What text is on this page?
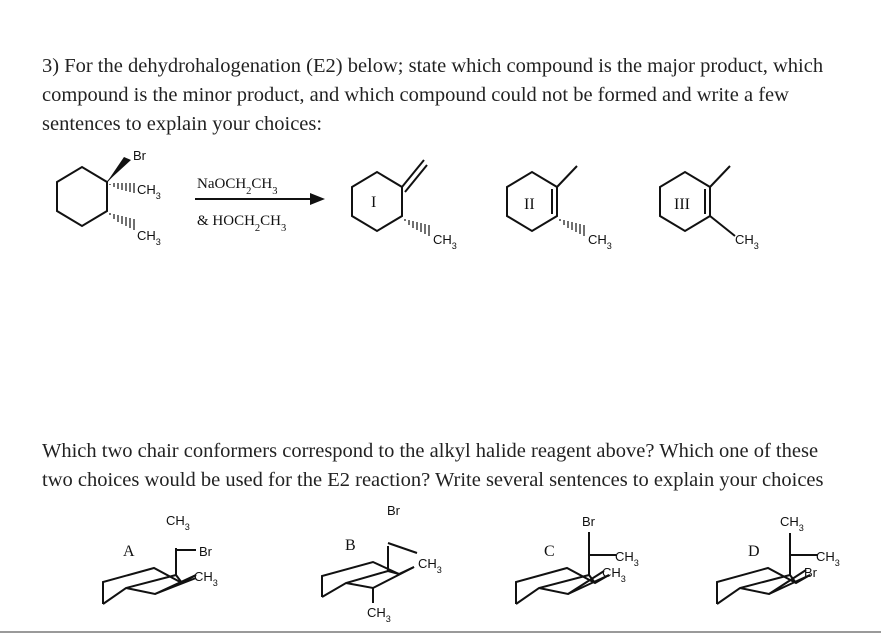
3) For the dehydrohalogenation (E2) below; state which compound is the major product, which
compound is the minor product, and which compound could not be formed and write a few
sentences to explain your choices:
Br
$CH_3$
$CH_3$
$NaOCH_2CH_3$
& $HOCH_2CH_3$
I
$CH_3$
II
$CH_3$
III
$CH_3$
A
$CH_3$
Br
$CH_3$
B
Br
$CH_3$
$CH_3$
C
Br
$CH_3$
$CH_3$
D
$CH_3$
$CH_3$
Br
Which two chair conformers correspond to the alkyl halide reagent above? Which one of these
two choices would be used for the E2 reaction? Write several sentences to explain your choices
